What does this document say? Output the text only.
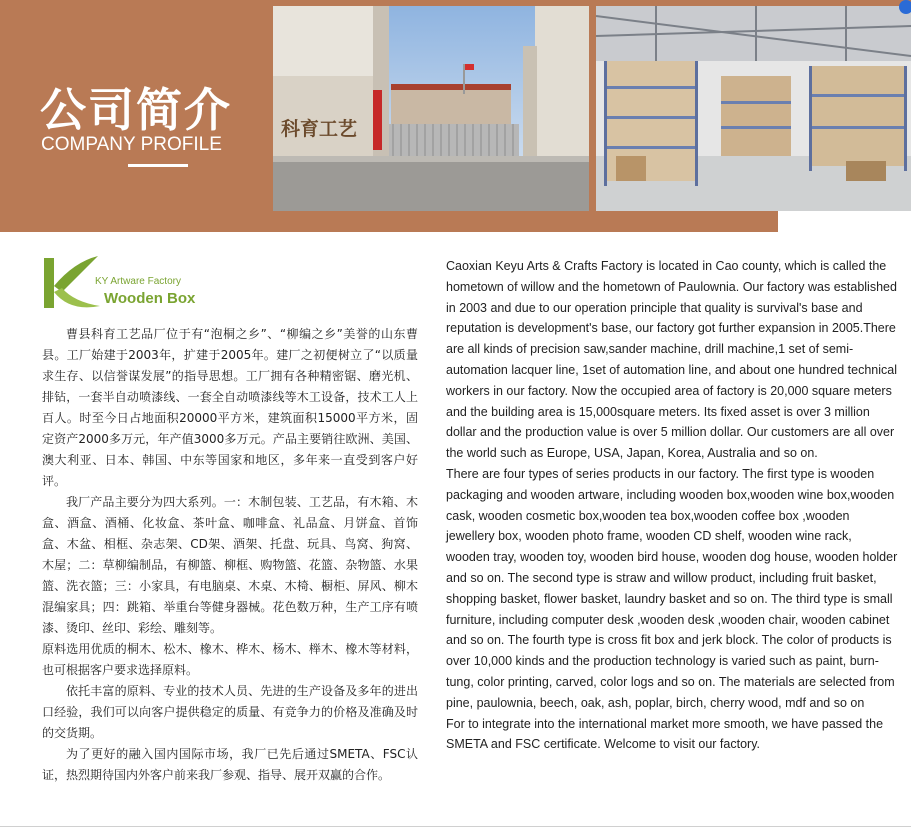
公司简介
COMPANY PROFILE
科育工艺
KY Artware Factory
Wooden Box

曹县科育工艺品厂位于有“泡桐之乡”、“柳编之乡”美誉的山东曹县。工厂始建于2003年，扩建于2005年。建厂之初便树立了“以质量求生存、以信誉谋发展”的指导思想。工厂拥有各种精密锯、磨光机、排钻，一套半自动喷漆线、一套全自动喷漆线等木工设备，技术工人上百人。时至今日占地面积20000平方米，建筑面积15000平方米，固定资产2000多万元，年产值3000多万元。产品主要销往欧洲、美国、澳大利亚、日本、韩国、中东等国家和地区，多年来一直受到客户好评。

我厂产品主要分为四大系列。一：木制包装、工艺品，有木箱、木盒、酒盒、酒桶、化妆盒、茶叶盒、咖啡盒、礼品盒、月饼盒、首饰盒、木盆、相框、杂志架、CD架、酒架、托盘、玩具、鸟窝、狗窝、木屋；二：草柳编制品，有柳篮、柳框、购物篮、花篮、杂物篮、水果篮、洗衣篮；三：小家具，有电脑桌、木桌、木椅、橱柜、屏风、柳木混编家具；四：跳箱、举重台等健身器械。花色数万种，生产工序有喷漆、烫印、丝印、彩绘、雕刻等。

原料选用优质的桐木、松木、橡木、桦木、杨木、榉木、橡木等材料，也可根据客户要求选择原料。

依托丰富的原料、专业的技术人员、先进的生产设备及多年的进出口经验，我们可以向客户提供稳定的质量、有竞争力的价格及准确及时的交货期。

为了更好的融入国内国际市场，我厂已先后通过SMETA、FSC认证，热烈期待国内外客户前来我厂参观、指导、展开双赢的合作。

Caoxian Keyu Arts & Crafts Factory is located in Cao county, which is called the hometown of willow and the hometown of Paulownia. Our factory was established in 2003 and due to our operation principle that quality is survival's base and reputation is development's base, our factory got further expansion in 2005.There are all kinds of precision saw,sander machine, drill machine,1 set of semi-automation lacquer line, 1set of automation line, and about one hundred technical workers in our factory. Now the occupied area of factory is 20,000 square meters and the building area is 15,000square meters. Its fixed asset is over 3 million dollar and the production value is over 5 million dollar. Our customers are all over the world such as Europe, USA, Japan, Korea, Australia and so on.

There are four types of series products in our factory. The first type is wooden packaging and wooden artware, including wooden box,wooden wine box,wooden cask, wooden cosmetic box,wooden tea box,wooden coffee box ,wooden jewellery box, wooden photo frame, wooden CD shelf, wooden wine rack, wooden tray, wooden toy, wooden bird house, wooden dog house, wooden holder and so on. The second type is straw and willow product, including fruit basket, shopping basket, flower basket, laundry basket and so on. The third type is small furniture, including computer desk ,wooden desk ,wooden chair, wooden cabinet and so on. The fourth type is cross fit box and jerk block. The color of products is over 10,000 kinds and the production technology is varied such as paint, burn-tung, color printing, carved, color logs and so on. The materials are selected from pine, paulownia, beech, oak, ash, poplar, birch, cherry wood, mdf and so on

For to integrate into the international market more smooth, we have passed the SMETA and FSC certificate. Welcome to visit our factory.
